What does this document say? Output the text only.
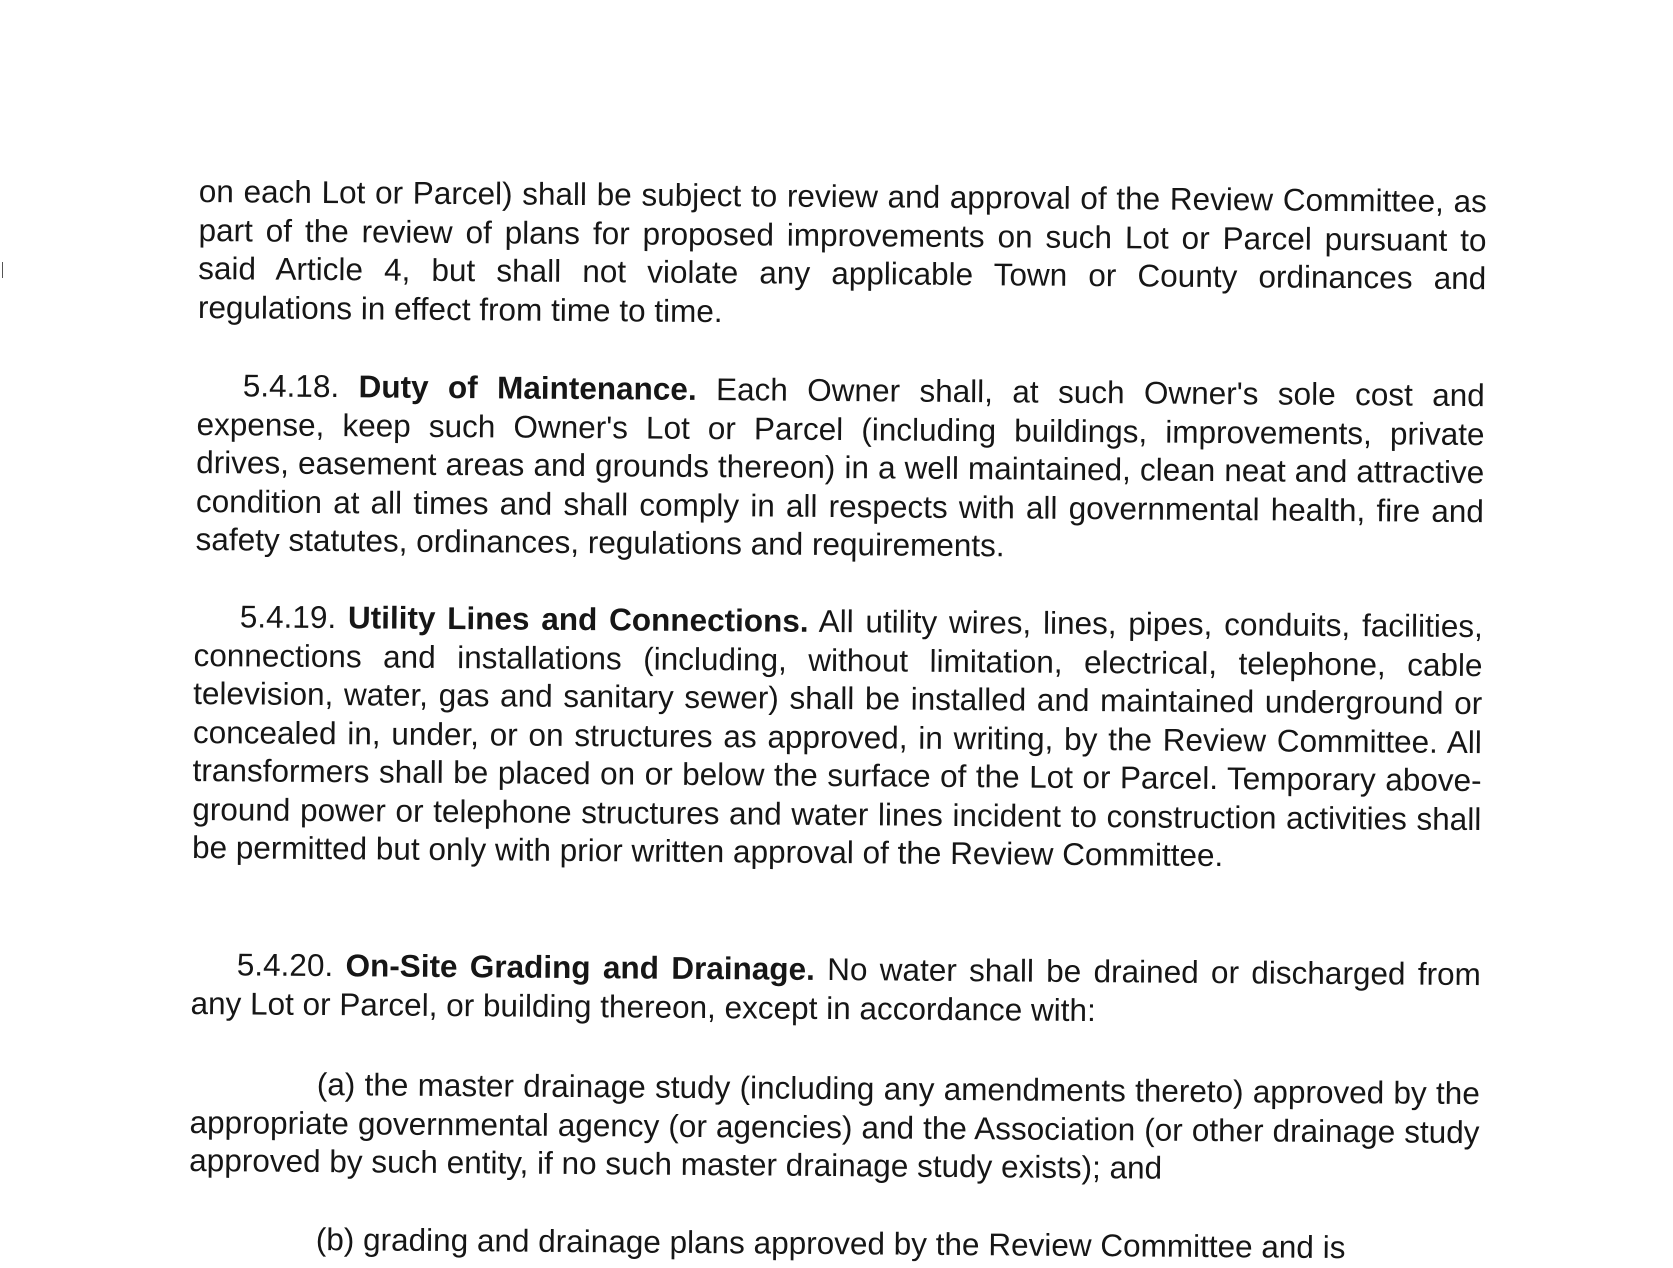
on each Lot or Parcel) shall be subject to review and approval of the Review Committee, as part of the review of plans for proposed improvements on such Lot or Parcel pursuant to said Article 4, but shall not violate any applicable Town or County ordinances and regulations in effect from time to time.

5.4.18. Duty of Maintenance. Each Owner shall, at such Owner's sole cost and expense, keep such Owner's Lot or Parcel (including buildings, improvements, private drives, easement areas and grounds thereon) in a well maintained, clean neat and attractive condition at all times and shall comply in all respects with all governmental health, fire and safety statutes, ordinances, regulations and requirements.

5.4.19. Utility Lines and Connections. All utility wires, lines, pipes, conduits, facilities, connections and installations (including, without limitation, electrical, telephone, cable television, water, gas and sanitary sewer) shall be installed and maintained underground or concealed in, under, or on structures as approved, in writing, by the Review Committee. All transformers shall be placed on or below the surface of the Lot or Parcel. Temporary above-ground power or telephone structures and water lines incident to construction activities shall be permitted but only with prior written approval of the Review Committee.

5.4.20. On-Site Grading and Drainage. No water shall be drained or discharged from any Lot or Parcel, or building thereon, except in accordance with:

(a) the master drainage study (including any amendments thereto) approved by the appropriate governmental agency (or agencies) and the Association (or other drainage study approved by such entity, if no such master drainage study exists); and

(b) grading and drainage plans approved by the Review Committee and is
